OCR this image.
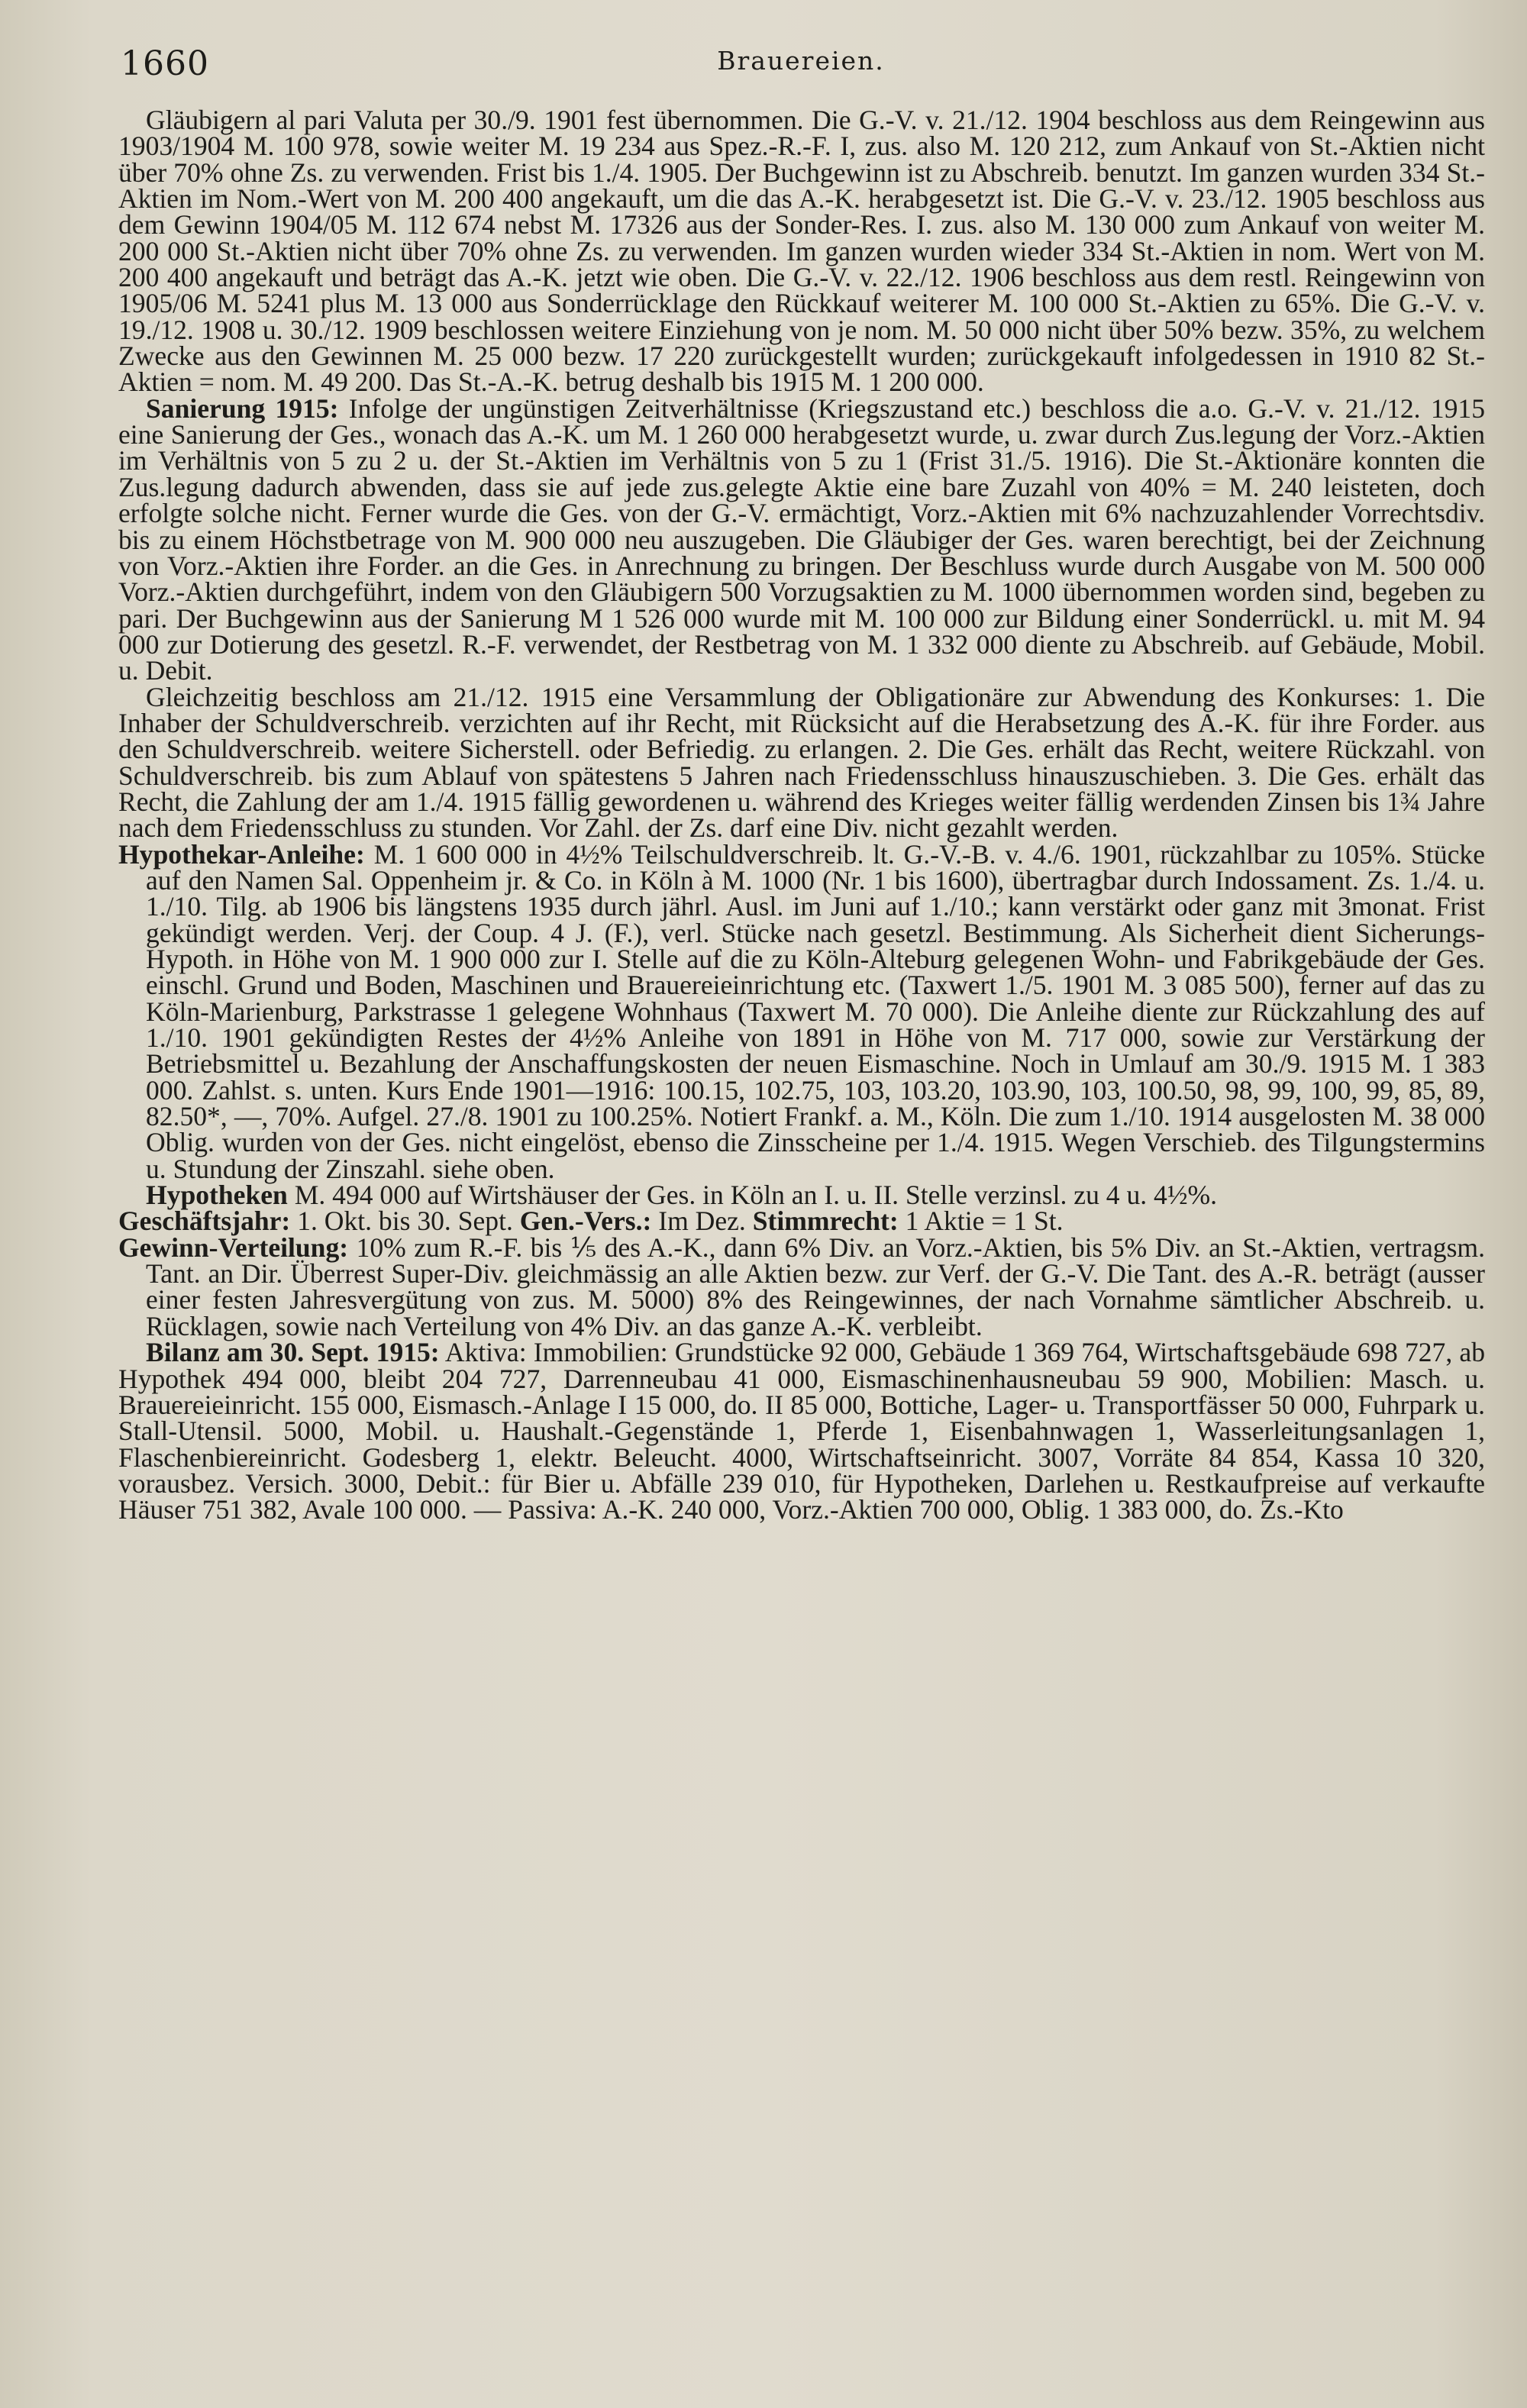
1660	Brauereien.

Gläubigern al pari Valuta per 30./9. 1901 fest übernommen. Die G.-V. v. 21./12. 1904 beschloss aus dem Reingewinn aus 1903/1904 M. 100 978, sowie weiter M. 19 234 aus Spez.-R.-F. I, zus. also M. 120 212, zum Ankauf von St.-Aktien nicht über 70% ohne Zs. zu verwenden. Frist bis 1./4. 1905. Der Buchgewinn ist zu Abschreib. benutzt. Im ganzen wurden 334 St.-Aktien im Nom.-Wert von M. 200 400 angekauft, um die das A.-K. herabgesetzt ist. Die G.-V. v. 23./12. 1905 beschloss aus dem Gewinn 1904/05 M. 112 674 nebst M. 17326 aus der Sonder-Res. I. zus. also M. 130 000 zum Ankauf von weiter M. 200 000 St.-Aktien nicht über 70% ohne Zs. zu verwenden. Im ganzen wurden wieder 334 St.-Aktien in nom. Wert von M. 200 400 angekauft und beträgt das A.-K. jetzt wie oben. Die G.-V. v. 22./12. 1906 beschloss aus dem restl. Reingewinn von 1905/06 M. 5241 plus M. 13 000 aus Sonderrücklage den Rückkauf weiterer M. 100 000 St.-Aktien zu 65%. Die G.-V. v. 19./12. 1908 u. 30./12. 1909 beschlossen weitere Einziehung von je nom. M. 50 000 nicht über 50% bezw. 35%, zu welchem Zwecke aus den Gewinnen M. 25 000 bezw. 17 220 zurückgestellt wurden; zurückgekauft infolgedessen in 1910 82 St.-Aktien = nom. M. 49 200. Das St.-A.-K. betrug deshalb bis 1915 M. 1 200 000.

Sanierung 1915: Infolge der ungünstigen Zeitverhältnisse (Kriegszustand etc.) beschloss die a.o. G.-V. v. 21./12. 1915 eine Sanierung der Ges., wonach das A.-K. um M. 1 260 000 herabgesetzt wurde, u. zwar durch Zus.legung der Vorz.-Aktien im Verhältnis von 5 zu 2 u. der St.-Aktien im Verhältnis von 5 zu 1 (Frist 31./5. 1916). Die St.-Aktionäre konnten die Zus.legung dadurch abwenden, dass sie auf jede zus.gelegte Aktie eine bare Zuzahl von 40% = M. 240 leisteten, doch erfolgte solche nicht. Ferner wurde die Ges. von der G.-V. ermächtigt, Vorz.-Aktien mit 6% nachzuzahlender Vorrechtsdiv. bis zu einem Höchstbetrage von M. 900 000 neu auszugeben. Die Gläubiger der Ges. waren berechtigt, bei der Zeichnung von Vorz.-Aktien ihre Forder. an die Ges. in Anrechnung zu bringen. Der Beschluss wurde durch Ausgabe von M. 500 000 Vorz.-Aktien durchgeführt, indem von den Gläubigern 500 Vorzugsaktien zu M. 1000 übernommen worden sind, begeben zu pari. Der Buchgewinn aus der Sanierung M 1 526 000 wurde mit M. 100 000 zur Bildung einer Sonderrückl. u. mit M. 94 000 zur Dotierung des gesetzl. R.-F. verwendet, der Restbetrag von M. 1 332 000 diente zu Abschreib. auf Gebäude, Mobil. u. Debit.

Gleichzeitig beschloss am 21./12. 1915 eine Versammlung der Obligationäre zur Abwendung des Konkurses: 1. Die Inhaber der Schuldverschreib. verzichten auf ihr Recht, mit Rücksicht auf die Herabsetzung des A.-K. für ihre Forder. aus den Schuldverschreib. weitere Sicherstell. oder Befriedig. zu erlangen. 2. Die Ges. erhält das Recht, weitere Rückzahl. von Schuldverschreib. bis zum Ablauf von spätestens 5 Jahren nach Friedensschluss hinauszuschieben. 3. Die Ges. erhält das Recht, die Zahlung der am 1./4. 1915 fällig gewordenen u. während des Krieges weiter fällig werdenden Zinsen bis 1¾ Jahre nach dem Friedensschluss zu stunden. Vor Zahl. der Zs. darf eine Div. nicht gezahlt werden.

Hypothekar-Anleihe: M. 1 600 000 in 4½% Teilschuldverschreib. lt. G.-V.-B. v. 4./6. 1901, rückzahlbar zu 105%. Stücke auf den Namen Sal. Oppenheim jr. & Co. in Köln à M. 1000 (Nr. 1 bis 1600), übertragbar durch Indossament. Zs. 1./4. u. 1./10. Tilg. ab 1906 bis längstens 1935 durch jährl. Ausl. im Juni auf 1./10.; kann verstärkt oder ganz mit 3monat. Frist gekündigt werden. Verj. der Coup. 4 J. (F.), verl. Stücke nach gesetzl. Bestimmung. Als Sicherheit dient Sicherungs-Hypoth. in Höhe von M. 1 900 000 zur I. Stelle auf die zu Köln-Alteburg gelegenen Wohn- und Fabrikgebäude der Ges. einschl. Grund und Boden, Maschinen und Brauereieinrichtung etc. (Taxwert 1./5. 1901 M. 3 085 500), ferner auf das zu Köln-Marienburg, Parkstrasse 1 gelegene Wohnhaus (Taxwert M. 70 000). Die Anleihe diente zur Rückzahlung des auf 1./10. 1901 gekündigten Restes der 4½% Anleihe von 1891 in Höhe von M. 717 000, sowie zur Verstärkung der Betriebsmittel u. Bezahlung der Anschaffungskosten der neuen Eismaschine. Noch in Umlauf am 30./9. 1915 M. 1 383 000. Zahlst. s. unten. Kurs Ende 1901—1916: 100.15, 102.75, 103, 103.20, 103.90, 103, 100.50, 98, 99, 100, 99, 85, 89, 82.50*, —, 70%. Aufgel. 27./8. 1901 zu 100.25%. Notiert Frankf. a. M., Köln. Die zum 1./10. 1914 ausgelosten M. 38 000 Oblig. wurden von der Ges. nicht eingelöst, ebenso die Zinsscheine per 1./4. 1915. Wegen Verschieb. des Tilgungstermins u. Stundung der Zinszahl. siehe oben.

Hypotheken M. 494 000 auf Wirtshäuser der Ges. in Köln an I. u. II. Stelle verzinsl. zu 4 u. 4½%.

Geschäftsjahr: 1. Okt. bis 30. Sept. Gen.-Vers.: Im Dez. Stimmrecht: 1 Aktie = 1 St.

Gewinn-Verteilung: 10% zum R.-F. bis ⅕ des A.-K., dann 6% Div. an Vorz.-Aktien, bis 5% Div. an St.-Aktien, vertragsm. Tant. an Dir. Überrest Super-Div. gleichmässig an alle Aktien bezw. zur Verf. der G.-V. Die Tant. des A.-R. beträgt (ausser einer festen Jahresvergütung von zus. M. 5000) 8% des Reingewinnes, der nach Vornahme sämtlicher Abschreib. u. Rücklagen, sowie nach Verteilung von 4% Div. an das ganze A.-K. verbleibt.

Bilanz am 30. Sept. 1915: Aktiva: Immobilien: Grundstücke 92 000, Gebäude 1 369 764, Wirtschaftsgebäude 698 727, ab Hypothek 494 000, bleibt 204 727, Darrenneubau 41 000, Eismaschinenhausneubau 59 900, Mobilien: Masch. u. Brauereieinricht. 155 000, Eismasch.-Anlage I 15 000, do. II 85 000, Bottiche, Lager- u. Transportfässer 50 000, Fuhrpark u. Stall-Utensil. 5000, Mobil. u. Haushalt.-Gegenstände 1, Pferde 1, Eisenbahnwagen 1, Wasserleitungsanlagen 1, Flaschenbiereinricht. Godesberg 1, elektr. Beleucht. 4000, Wirtschaftseinricht. 3007, Vorräte 84 854, Kassa 10 320, vorausbez. Versich. 3000, Debit.: für Bier u. Abfälle 239 010, für Hypotheken, Darlehen u. Restkaufpreise auf verkaufte Häuser 751 382, Avale 100 000. — Passiva: A.-K. 240 000, Vorz.-Aktien 700 000, Oblig. 1 383 000, do. Zs.-Kto
